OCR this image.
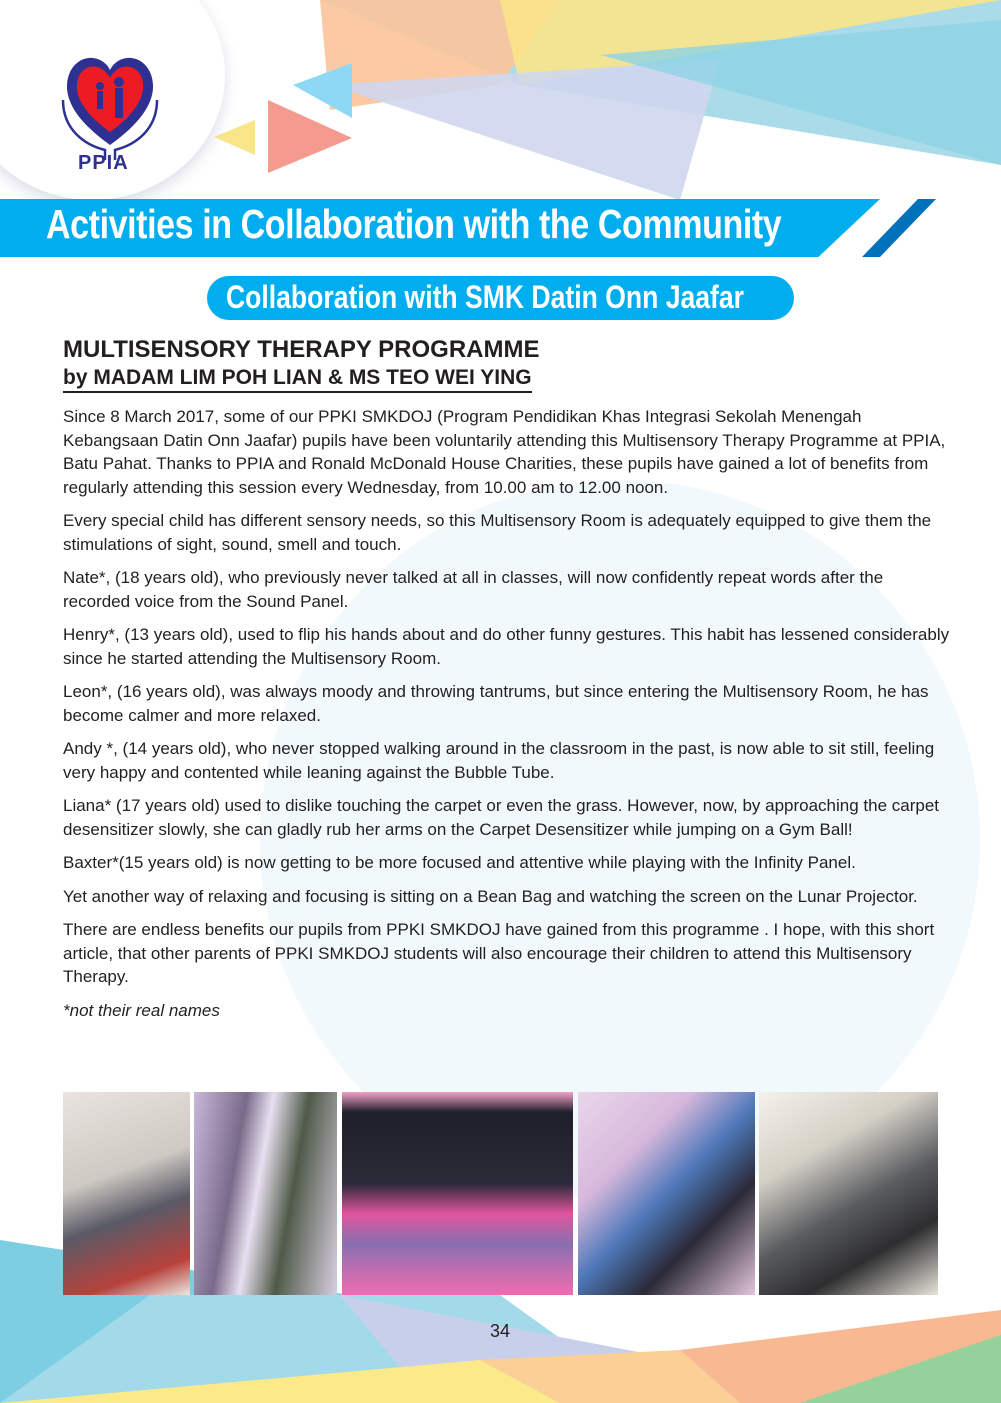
PPIA
Activities in Collaboration with the Community
Collaboration with SMK Datin Onn Jaafar
MULTISENSORY THERAPY PROGRAMME
by MADAM LIM POH LIAN & MS TEO WEI YING

Since 8 March 2017, some of our PPKI SMKDOJ (Program Pendidikan Khas Integrasi Sekolah Menengah Kebangsaan Datin Onn Jaafar) pupils have been voluntarily attending this Multisensory Therapy Programme at PPIA, Batu Pahat. Thanks to PPIA and Ronald McDonald House Charities, these pupils have gained a lot of benefits from regularly attending this session every Wednesday, from 10.00 am to 12.00 noon.

Every special child has different sensory needs, so this Multisensory Room is adequately equipped to give them the stimulations of sight, sound, smell and touch.

Nate*, (18 years old), who previously never talked at all in classes, will now confidently repeat words after the recorded voice from the Sound Panel.

Henry*, (13 years old), used to flip his hands about and do other funny gestures. This habit has lessened considerably since he started attending the Multisensory Room.

Leon*, (16 years old), was always moody and throwing tantrums, but since entering the Multisensory Room, he has become calmer and more relaxed.

Andy *, (14 years old), who never stopped walking around in the classroom in the past, is now able to sit still, feeling very happy and contented while leaning against the Bubble Tube.

Liana* (17 years old) used to dislike touching the carpet or even the grass. However, now, by approaching the carpet desensitizer slowly, she can gladly rub her arms on the Carpet Desensitizer while jumping on a Gym Ball!

Baxter*(15 years old) is now getting to be more focused and attentive while playing with the Infinity Panel.

Yet another way of relaxing and focusing is sitting on a Bean Bag and watching the screen on the Lunar Projector.

There are endless benefits our pupils from PPKI SMKDOJ have gained from this programme . I hope, with this short article, that other parents of PPKI SMKDOJ students will also encourage their children to attend this Multisensory Therapy.

*not their real names

34
